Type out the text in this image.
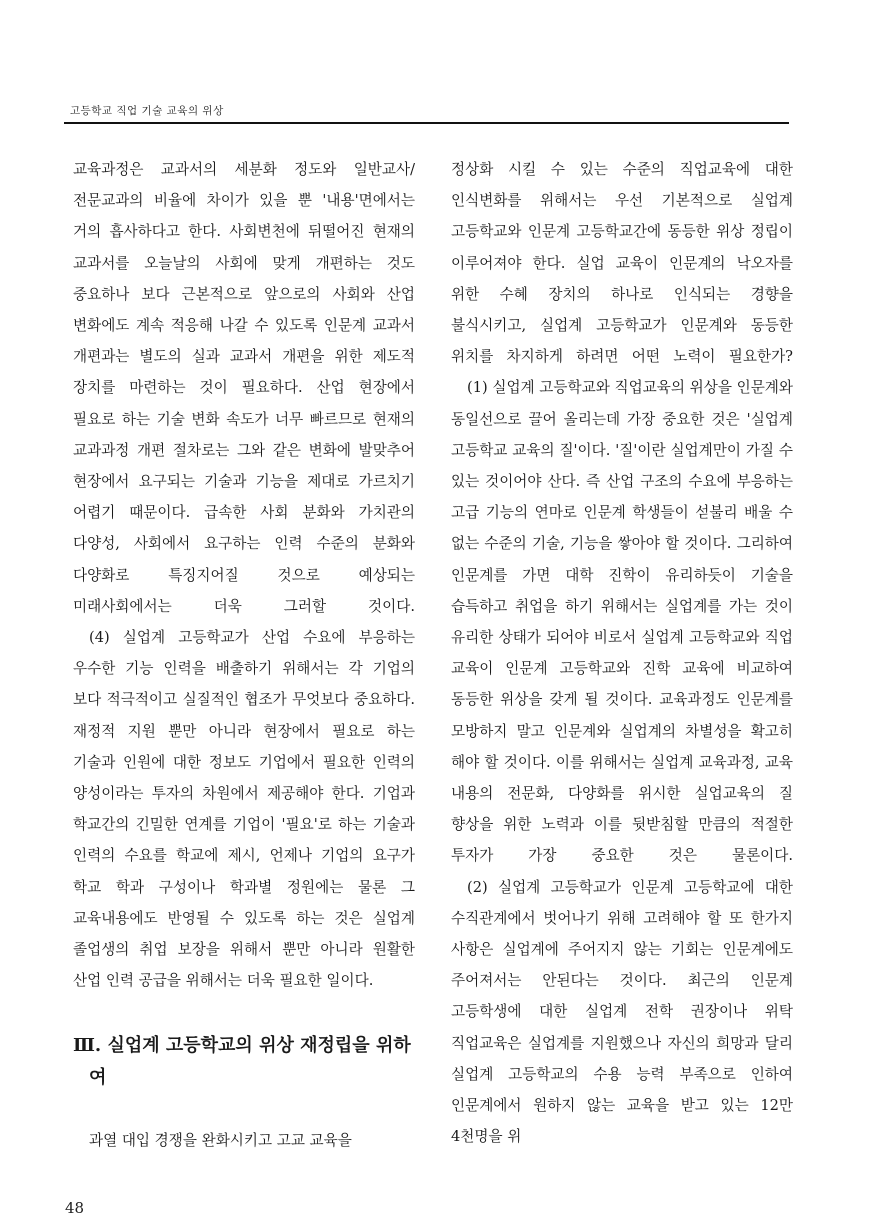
고등학교 직업 기술 교육의 위상

교육과정은 교과서의 세분화 정도와 일반교사/전문교과의 비율에 차이가 있을 뿐 '내용'면에서는 거의 흡사하다고 한다. 사회변천에 뒤떨어진 현재의 교과서를 오늘날의 사회에 맞게 개편하는 것도 중요하나 보다 근본적으로 앞으로의 사회와 산업 변화에도 계속 적응해 나갈 수 있도록 인문계 교과서 개편과는 별도의 실과 교과서 개편을 위한 제도적 장치를 마련하는 것이 필요하다. 산업 현장에서 필요로 하는 기술 변화 속도가 너무 빠르므로 현재의 교과과정 개편 절차로는 그와 같은 변화에 발맞추어 현장에서 요구되는 기술과 기능을 제대로 가르치기 어렵기 때문이다. 급속한 사회 분화와 가치관의 다양성, 사회에서 요구하는 인력 수준의 분화와 다양화로 특징지어질 것으로 예상되는 미래사회에서는 더욱 그러할 것이다.

(4) 실업계 고등학교가 산업 수요에 부응하는 우수한 기능 인력을 배출하기 위해서는 각 기업의 보다 적극적이고 실질적인 협조가 무엇보다 중요하다. 재정적 지원 뿐만 아니라 현장에서 필요로 하는 기술과 인원에 대한 정보도 기업에서 필요한 인력의 양성이라는 투자의 차원에서 제공해야 한다. 기업과 학교간의 긴밀한 연계를 기업이 '필요'로 하는 기술과 인력의 수요를 학교에 제시, 언제나 기업의 요구가 학교 학과 구성이나 학과별 정원에는 물론 그 교육내용에도 반영될 수 있도록 하는 것은 실업계 졸업생의 취업 보장을 위해서 뿐만 아니라 원활한 산업 인력 공급을 위해서는 더욱 필요한 일이다.

Ⅲ. 실업계 고등학교의 위상 재정립을 위하여

과열 대입 경쟁을 완화시키고 고교 교육을

정상화 시킬 수 있는 수준의 직업교육에 대한 인식변화를 위해서는 우선 기본적으로 실업계 고등학교와 인문계 고등학교간에 동등한 위상 정립이 이루어져야 한다. 실업 교육이 인문계의 낙오자를 위한 수혜 장치의 하나로 인식되는 경향을 불식시키고, 실업계 고등학교가 인문계와 동등한 위치를 차지하게 하려면 어떤 노력이 필요한가?

(1) 실업계 고등학교와 직업교육의 위상을 인문계와 동일선으로 끌어 올리는데 가장 중요한 것은 '실업계 고등학교 교육의 질'이다. '질'이란 실업계만이 가질 수 있는 것이어야 산다. 즉 산업 구조의 수요에 부응하는 고급 기능의 연마로 인문계 학생들이 섣불리 배울 수 없는 수준의 기술, 기능을 쌓아야 할 것이다. 그리하여 인문계를 가면 대학 진학이 유리하듯이 기술을 습득하고 취업을 하기 위해서는 실업계를 가는 것이 유리한 상태가 되어야 비로서 실업계 고등학교와 직업 교육이 인문계 고등학교와 진학 교육에 비교하여 동등한 위상을 갖게 될 것이다. 교육과정도 인문계를 모방하지 말고 인문계와 실업계의 차별성을 확고히 해야 할 것이다. 이를 위해서는 실업계 교육과정, 교육 내용의 전문화, 다양화를 위시한 실업교육의 질 향상을 위한 노력과 이를 뒷받침할 만큼의 적절한 투자가 가장 중요한 것은 물론이다.

(2) 실업계 고등학교가 인문계 고등학교에 대한 수직관계에서 벗어나기 위해 고려해야 할 또 한가지 사항은 실업계에 주어지지 않는 기회는 인문계에도 주어져서는 안된다는 것이다. 최근의 인문계 고등학생에 대한 실업계 전학 권장이나 위탁 직업교육은 실업계를 지원했으나 자신의 희망과 달리 실업계 고등학교의 수용 능력 부족으로 인하여 인문계에서 원하지 않는 교육을 받고 있는 12만 4천명을 위

48
